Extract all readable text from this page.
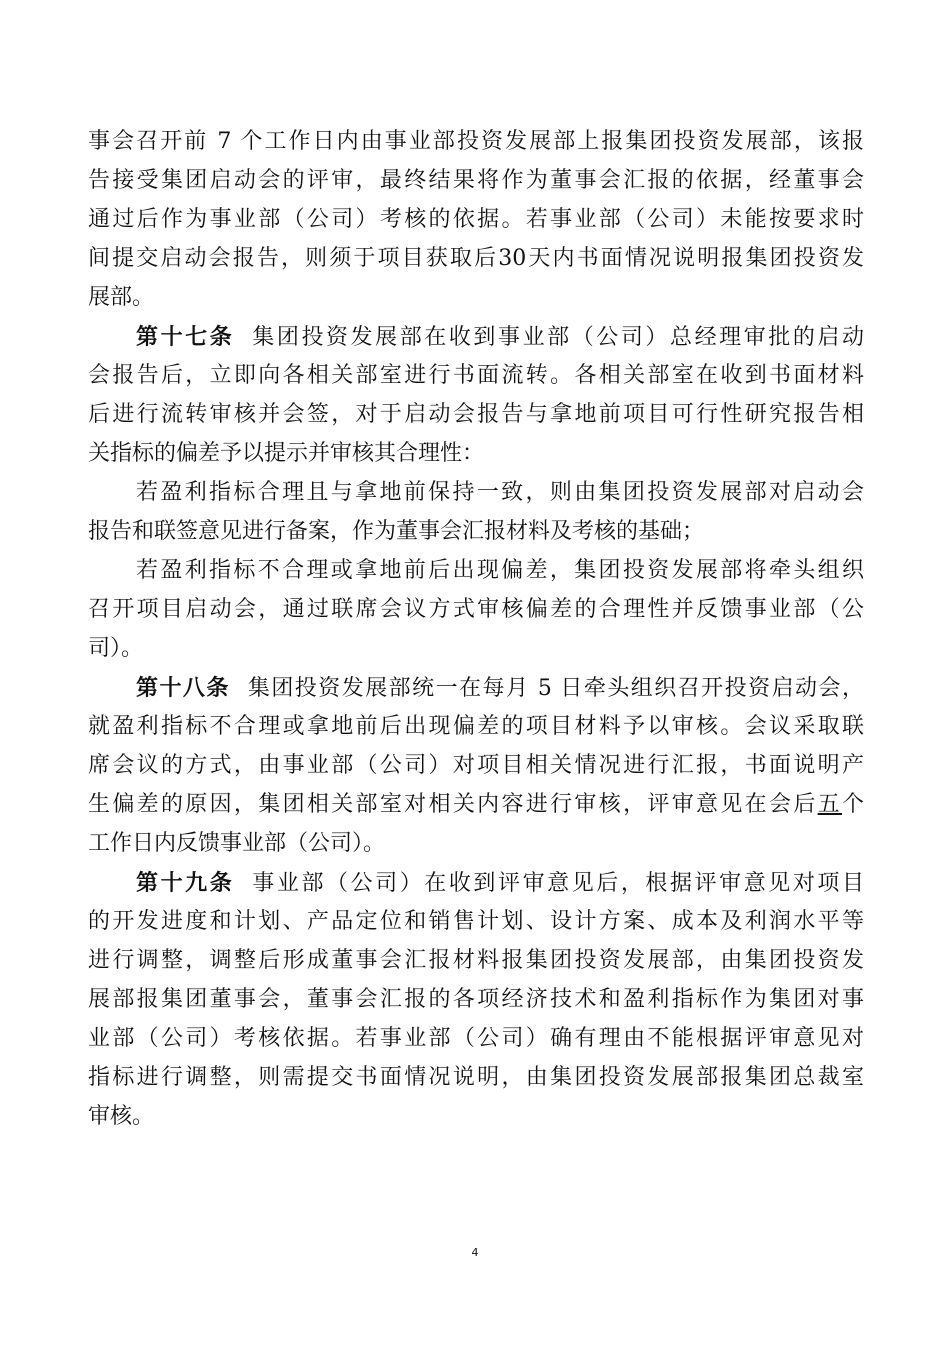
事会召开前 7 个工作日内由事业部投资发展部上报集团投资发展部，该报
告接受集团启动会的评审，最终结果将作为董事会汇报的依据，经董事会
通过后作为事业部（公司）考核的依据。若事业部（公司）未能按要求时
间提交启动会报告，则须于项目获取后30天内书面情况说明报集团投资发
展部。
第十七条 集团投资发展部在收到事业部（公司）总经理审批的启动
会报告后，立即向各相关部室进行书面流转。各相关部室在收到书面材料
后进行流转审核并会签，对于启动会报告与拿地前项目可行性研究报告相
关指标的偏差予以提示并审核其合理性：
若盈利指标合理且与拿地前保持一致，则由集团投资发展部对启动会
报告和联签意见进行备案，作为董事会汇报材料及考核的基础；
若盈利指标不合理或拿地前后出现偏差，集团投资发展部将牵头组织
召开项目启动会，通过联席会议方式审核偏差的合理性并反馈事业部（公
司）。
第十八条 集团投资发展部统一在每月 5 日牵头组织召开投资启动会，
就盈利指标不合理或拿地前后出现偏差的项目材料予以审核。会议采取联
席会议的方式，由事业部（公司）对项目相关情况进行汇报，书面说明产
生偏差的原因，集团相关部室对相关内容进行审核，评审意见在会后五个
工作日内反馈事业部（公司）。
第十九条 事业部（公司）在收到评审意见后，根据评审意见对项目
的开发进度和计划、产品定位和销售计划、设计方案、成本及利润水平等
进行调整，调整后形成董事会汇报材料报集团投资发展部，由集团投资发
展部报集团董事会，董事会汇报的各项经济技术和盈利指标作为集团对事
业部（公司）考核依据。若事业部（公司）确有理由不能根据评审意见对
指标进行调整，则需提交书面情况说明，由集团投资发展部报集团总裁室
审核。
4
